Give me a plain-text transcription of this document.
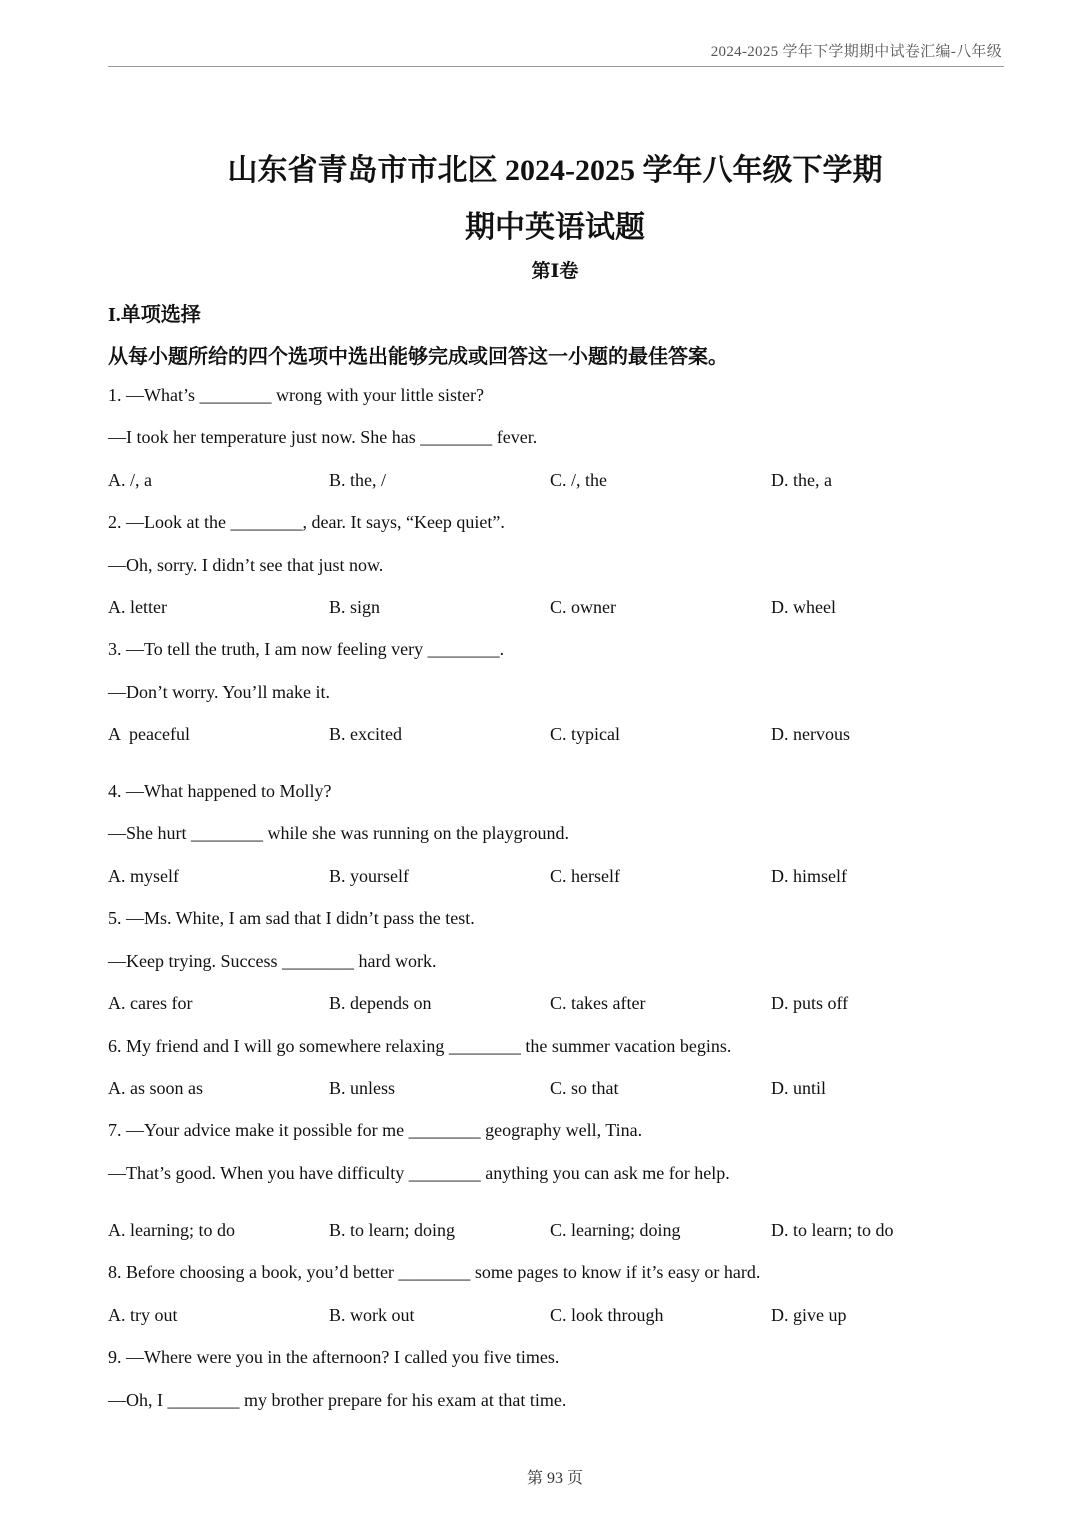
2024-2025 学年下学期期中试卷汇编-八年级
山东省青岛市市北区 2024-2025 学年八年级下学期
期中英语试题
第Ⅰ卷
I.单项选择
从每小题所给的四个选项中选出能够完成或回答这一小题的最佳答案。
1. —What’s ________ wrong with your little sister?
—I took her temperature just now. She has ________ fever.
A. /, a	B. the, /	C. /, the	D. the, a
2. —Look at the ________, dear. It says, “Keep quiet”.
—Oh, sorry. I didn’t see that just now.
A. letter	B. sign	C. owner	D. wheel
3. —To tell the truth, I am now feeling very ________.
—Don’t worry. You’ll make it.
A  peaceful	B. excited	C. typical	D. nervous
4. —What happened to Molly?
—She hurt ________ while she was running on the playground.
A. myself	B. yourself	C. herself	D. himself
5. —Ms. White, I am sad that I didn’t pass the test.
—Keep trying. Success ________ hard work.
A. cares for	B. depends on	C. takes after	D. puts off
6. My friend and I will go somewhere relaxing ________ the summer vacation begins.
A. as soon as	B. unless	C. so that	D. until
7. —Your advice make it possible for me ________ geography well, Tina.
—That’s good. When you have difficulty ________ anything you can ask me for help.
A. learning; to do	B. to learn; doing	C. learning; doing	D. to learn; to do
8. Before choosing a book, you’d better ________ some pages to know if it’s easy or hard.
A. try out	B. work out	C. look through	D. give up
9. —Where were you in the afternoon? I called you five times.
—Oh, I ________ my brother prepare for his exam at that time.
第 93 页
